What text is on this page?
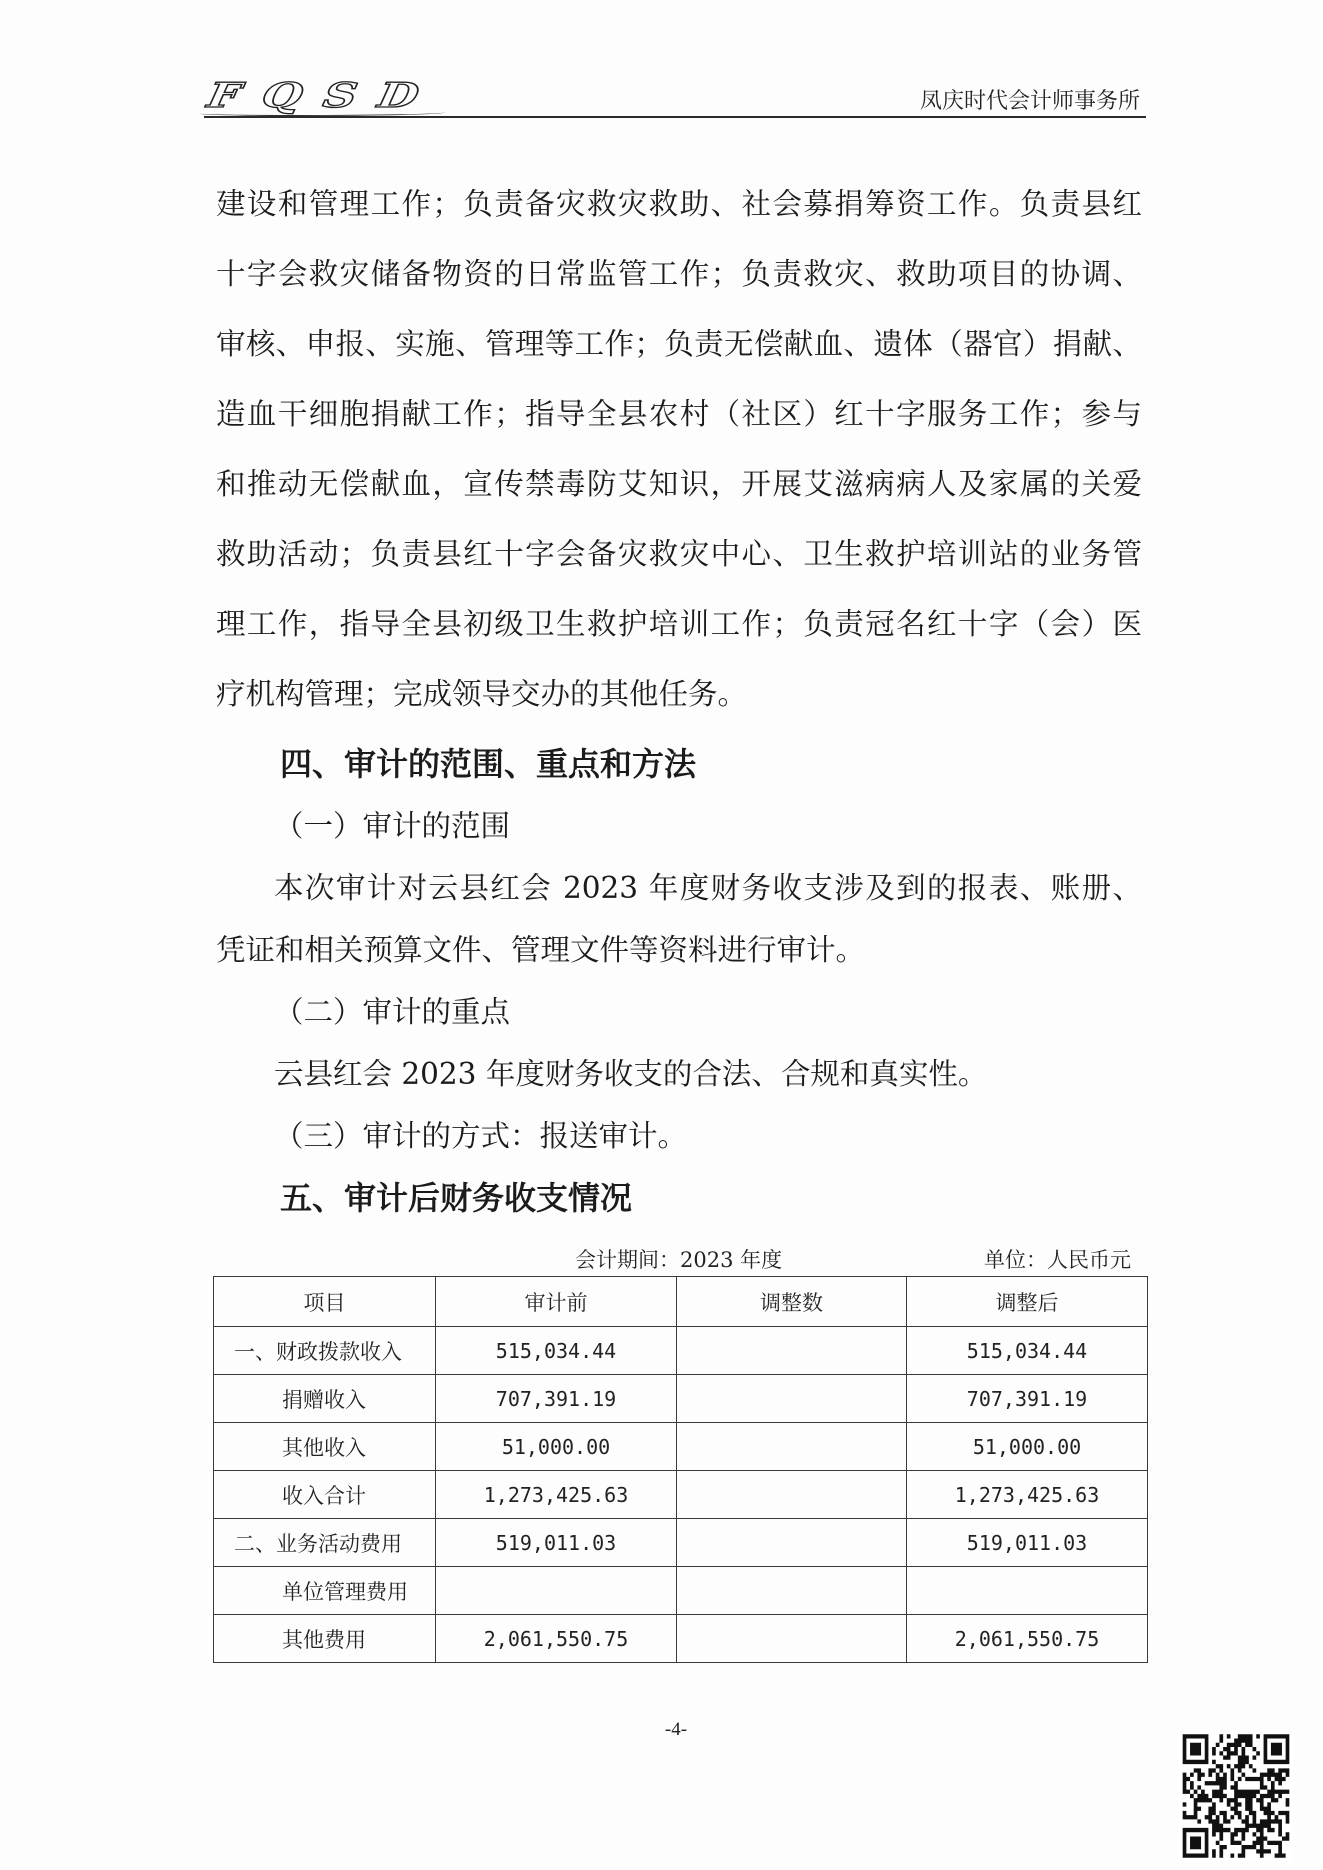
FQSD	凤庆时代会计师事务所
建设和管理工作；负责备灾救灾救助、社会募捐筹资工作。负责县红
十字会救灾储备物资的日常监管工作；负责救灾、救助项目的协调、
审核、申报、实施、管理等工作；负责无偿献血、遗体（器官）捐献、
造血干细胞捐献工作；指导全县农村（社区）红十字服务工作；参与
和推动无偿献血，宣传禁毒防艾知识，开展艾滋病病人及家属的关爱
救助活动；负责县红十字会备灾救灾中心、卫生救护培训站的业务管
理工作，指导全县初级卫生救护培训工作；负责冠名红十字（会）医
疗机构管理；完成领导交办的其他任务。
四、审计的范围、重点和方法
（一）审计的范围
本次审计对云县红会 2023 年度财务收支涉及到的报表、账册、
凭证和相关预算文件、管理文件等资料进行审计。
（二）审计的重点
云县红会 2023 年度财务收支的合法、合规和真实性。
（三）审计的方式：报送审计。
五、审计后财务收支情况
会计期间：2023 年度	单位：人民币元
项目	审计前	调整数	调整后
一、财政拨款收入	515,034.44		515,034.44
捐赠收入	707,391.19		707,391.19
其他收入	51,000.00		51,000.00
收入合计	1,273,425.63		1,273,425.63
二、业务活动费用	519,011.03		519,011.03
单位管理费用			
其他费用	2,061,550.75		2,061,550.75
-4-
